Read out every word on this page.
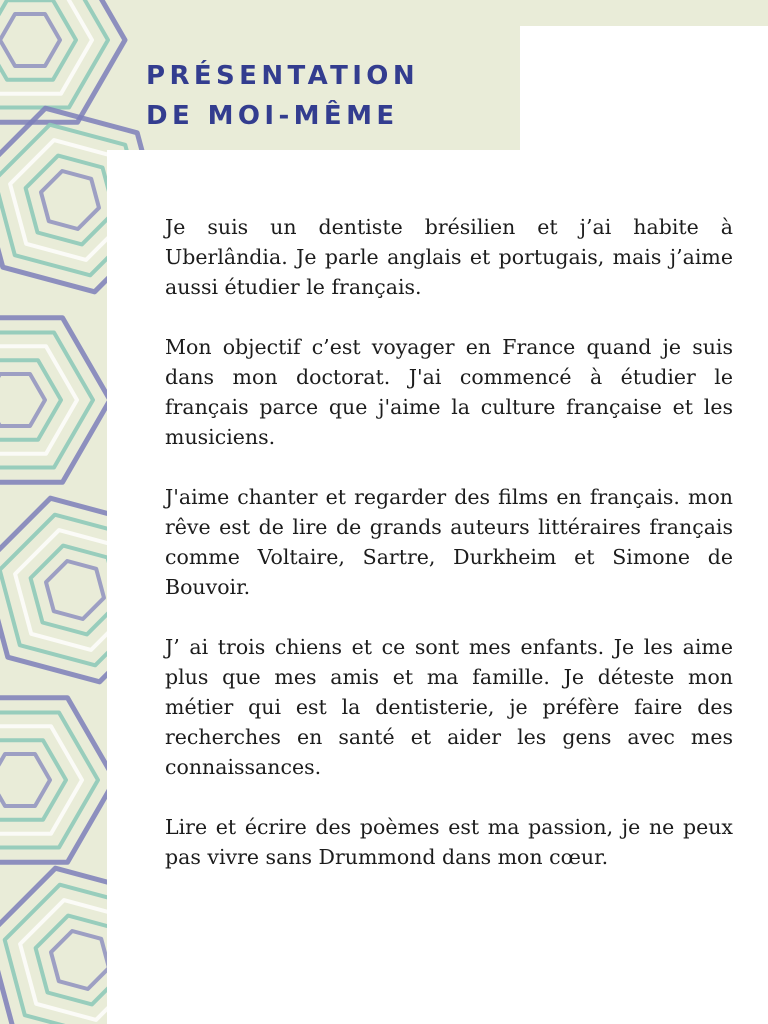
PRÉSENTATION
DE MOI-MÊME

Je suis un dentiste brésilien et j’ai habite à Uberlândia. Je parle anglais et portugais, mais j’aime aussi étudier le français.

Mon objectif c’est voyager en France quand je suis dans mon doctorat. J'ai commencé à étudier le français parce que j'aime la culture française et les musiciens.

J'aime chanter et regarder des films en français. mon rêve est de lire de grands auteurs littéraires français comme Voltaire, Sartre, Durkheim et Simone de Bouvoir.

J’ ai trois chiens et ce sont mes enfants. Je les aime plus que mes amis et ma famille. Je déteste mon métier qui est la dentisterie, je préfère faire des recherches en santé et aider les gens avec mes connaissances.

Lire et écrire des poèmes est ma passion, je ne peux pas vivre sans Drummond dans mon cœur.
